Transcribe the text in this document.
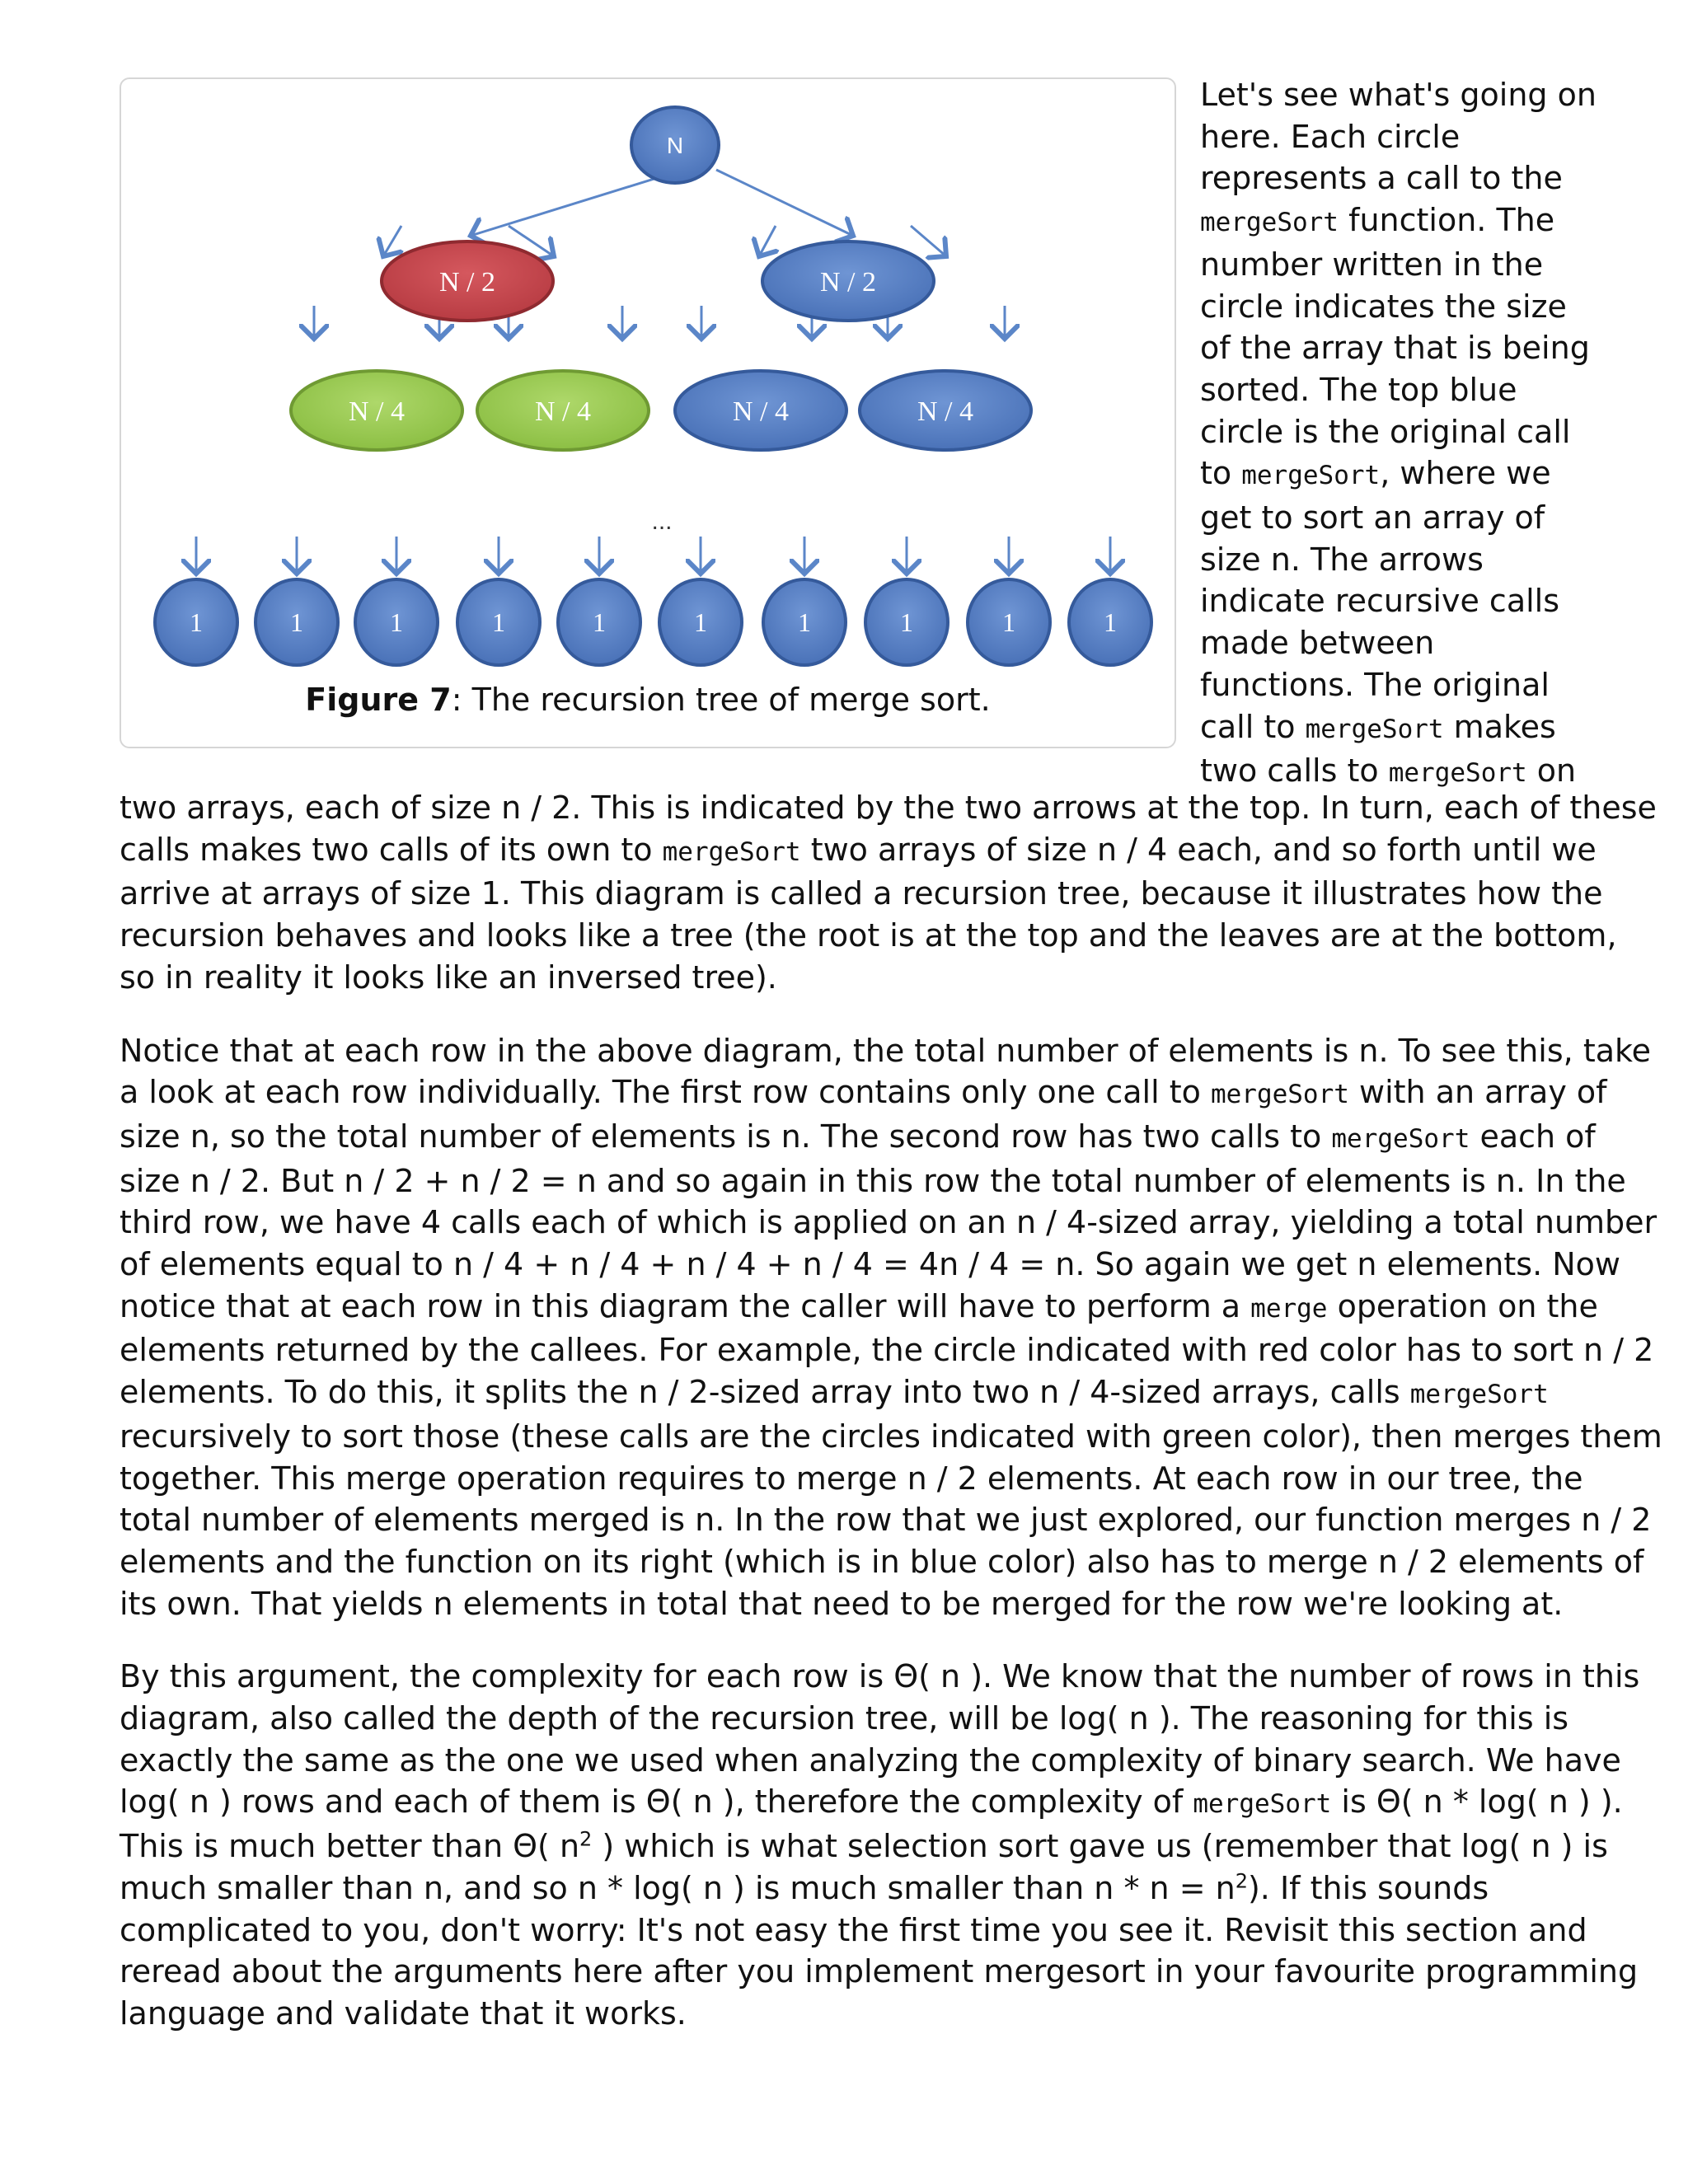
N
N / 2	N / 2
N / 4	N / 4	N / 4	N / 4
...
1	1	1	1	1	1	1	1	1	1
Figure 7: The recursion tree of merge sort.
Let's see what's going on
here. Each circle
represents a call to the
mergeSort function. The
number written in the
circle indicates the size
of the array that is being
sorted. The top blue
circle is the original call
to mergeSort, where we
get to sort an array of
size n. The arrows
indicate recursive calls
made between
functions. The original
call to mergeSort makes
two calls to mergeSort on

two arrays, each of size n / 2. This is indicated by the two arrows at the top. In turn, each of these
calls makes two calls of its own to mergeSort two arrays of size n / 4 each, and so forth until we
arrive at arrays of size 1. This diagram is called a recursion tree, because it illustrates how the
recursion behaves and looks like a tree (the root is at the top and the leaves are at the bottom,
so in reality it looks like an inversed tree).

Notice that at each row in the above diagram, the total number of elements is n. To see this, take
a look at each row individually. The first row contains only one call to mergeSort with an array of
size n, so the total number of elements is n. The second row has two calls to mergeSort each of
size n / 2. But n / 2 + n / 2 = n and so again in this row the total number of elements is n. In the
third row, we have 4 calls each of which is applied on an n / 4-sized array, yielding a total number
of elements equal to n / 4 + n / 4 + n / 4 + n / 4 = 4n / 4 = n. So again we get n elements. Now
notice that at each row in this diagram the caller will have to perform a merge operation on the
elements returned by the callees. For example, the circle indicated with red color has to sort n / 2
elements. To do this, it splits the n / 2-sized array into two n / 4-sized arrays, calls mergeSort
recursively to sort those (these calls are the circles indicated with green color), then merges them
together. This merge operation requires to merge n / 2 elements. At each row in our tree, the
total number of elements merged is n. In the row that we just explored, our function merges n / 2
elements and the function on its right (which is in blue color) also has to merge n / 2 elements of
its own. That yields n elements in total that need to be merged for the row we're looking at.

By this argument, the complexity for each row is Θ( n ). We know that the number of rows in this
diagram, also called the depth of the recursion tree, will be log( n ). The reasoning for this is
exactly the same as the one we used when analyzing the complexity of binary search. We have
log( n ) rows and each of them is Θ( n ), therefore the complexity of mergeSort is Θ( n * log( n ) ).
This is much better than Θ( $n^2$ ) which is what selection sort gave us (remember that log( n ) is
much smaller than n, and so n * log( n ) is much smaller than $n * n = n^2$). If this sounds
complicated to you, don't worry: It's not easy the first time you see it. Revisit this section and
reread about the arguments here after you implement mergesort in your favourite programming
language and validate that it works.
